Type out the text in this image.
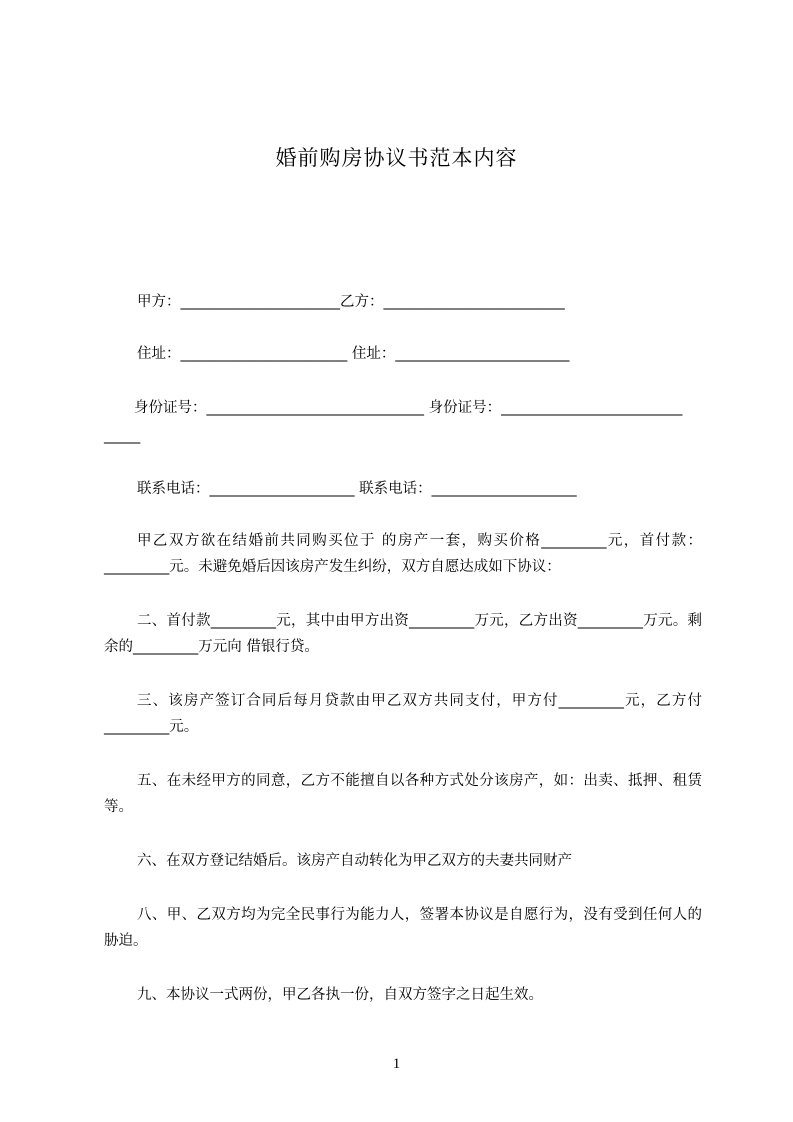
婚前购房协议书范本内容
甲方：______________________乙方：_________________________
住址：_______________________ 住址：________________________
身份证号：______________________________ 身份证号：_________________________
_____
联系电话：____________________ 联系电话：____________________
甲乙双方欲在结婚前共同购买位于 的房产一套，购买价格_________元，首付款：_________元。未避免婚后因该房产发生纠纷，双方自愿达成如下协议：
二、首付款_________元，其中由甲方出资_________万元，乙方出资_________万元。剩余的_________万元向 借银行贷。
三、该房产签订合同后每月贷款由甲乙双方共同支付，甲方付_________元，乙方付_________元。
五、在未经甲方的同意，乙方不能擅自以各种方式处分该房产，如：出卖、抵押、租赁等。
六、在双方登记结婚后。该房产自动转化为甲乙双方的夫妻共同财产
八、甲、乙双方均为完全民事行为能力人，签署本协议是自愿行为，没有受到任何人的胁迫。
九、本协议一式两份，甲乙各执一份，自双方签字之日起生效。
1
